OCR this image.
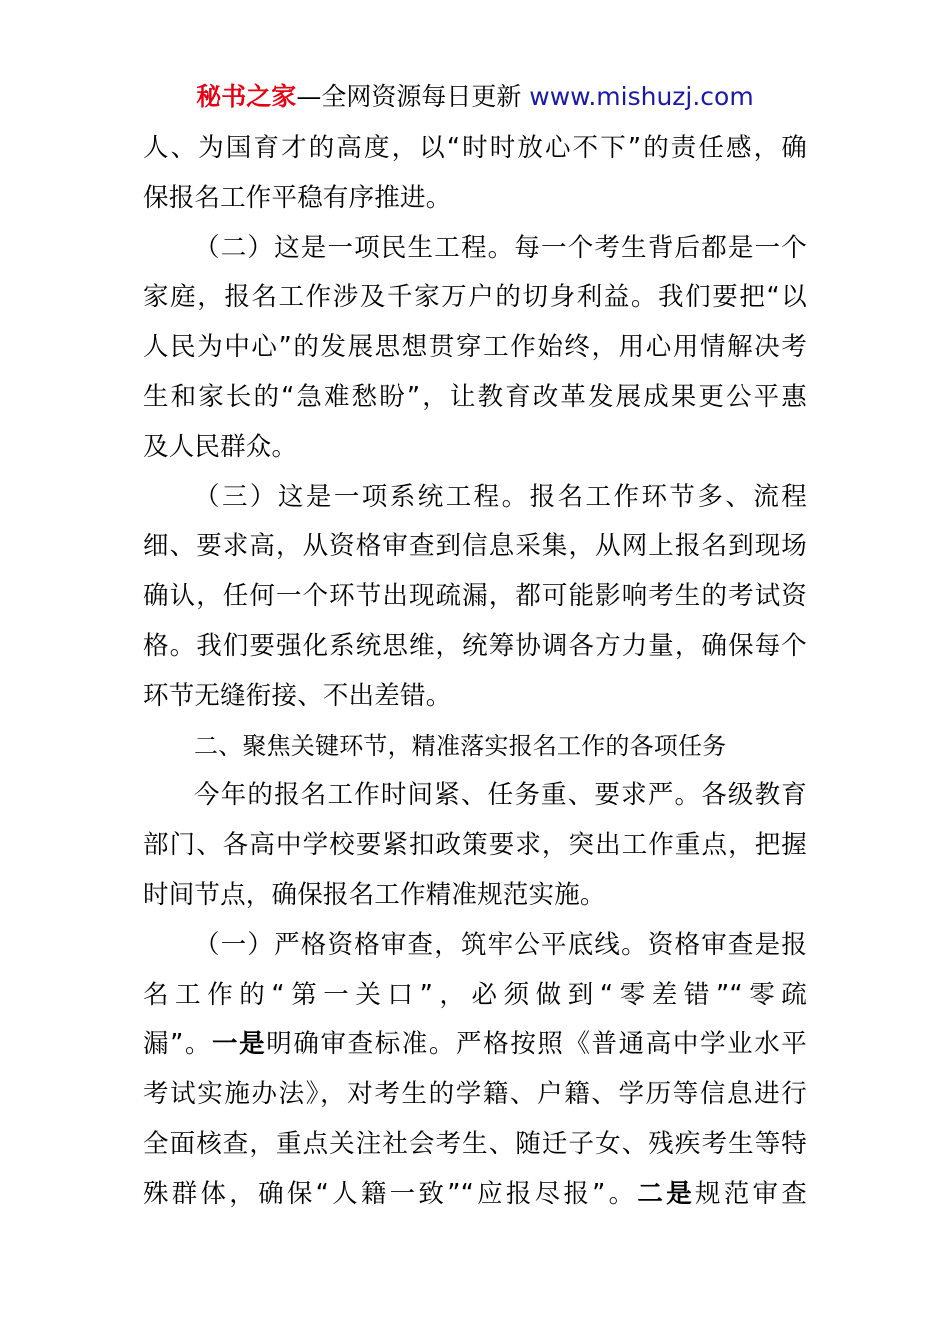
秘书之家—全网资源每日更新 www.mishuzj.com
人、为国育才的高度，以“时时放心不下”的责任感，确
保报名工作平稳有序推进。
（二）这是一项民生工程。每一个考生背后都是一个
家庭，报名工作涉及千家万户的切身利益。我们要把“以
人民为中心”的发展思想贯穿工作始终，用心用情解决考
生和家长的“急难愁盼”，让教育改革发展成果更公平惠
及人民群众。
（三）这是一项系统工程。报名工作环节多、流程
细、要求高，从资格审查到信息采集，从网上报名到现场
确认，任何一个环节出现疏漏，都可能影响考生的考试资
格。我们要强化系统思维，统筹协调各方力量，确保每个
环节无缝衔接、不出差错。
二、聚焦关键环节，精准落实报名工作的各项任务
今年的报名工作时间紧、任务重、要求严。各级教育
部门、各高中学校要紧扣政策要求，突出工作重点，把握
时间节点，确保报名工作精准规范实施。
（一）严格资格审查，筑牢公平底线。资格审查是报
名工作的“第一关口”，必须做到“零差错”“零疏
漏”。一是明确审查标准。严格按照《普通高中学业水平
考试实施办法》，对考生的学籍、户籍、学历等信息进行
全面核查，重点关注社会考生、随迁子女、残疾考生等特
殊群体，确保“人籍一致”“应报尽报”。二是规范审查
